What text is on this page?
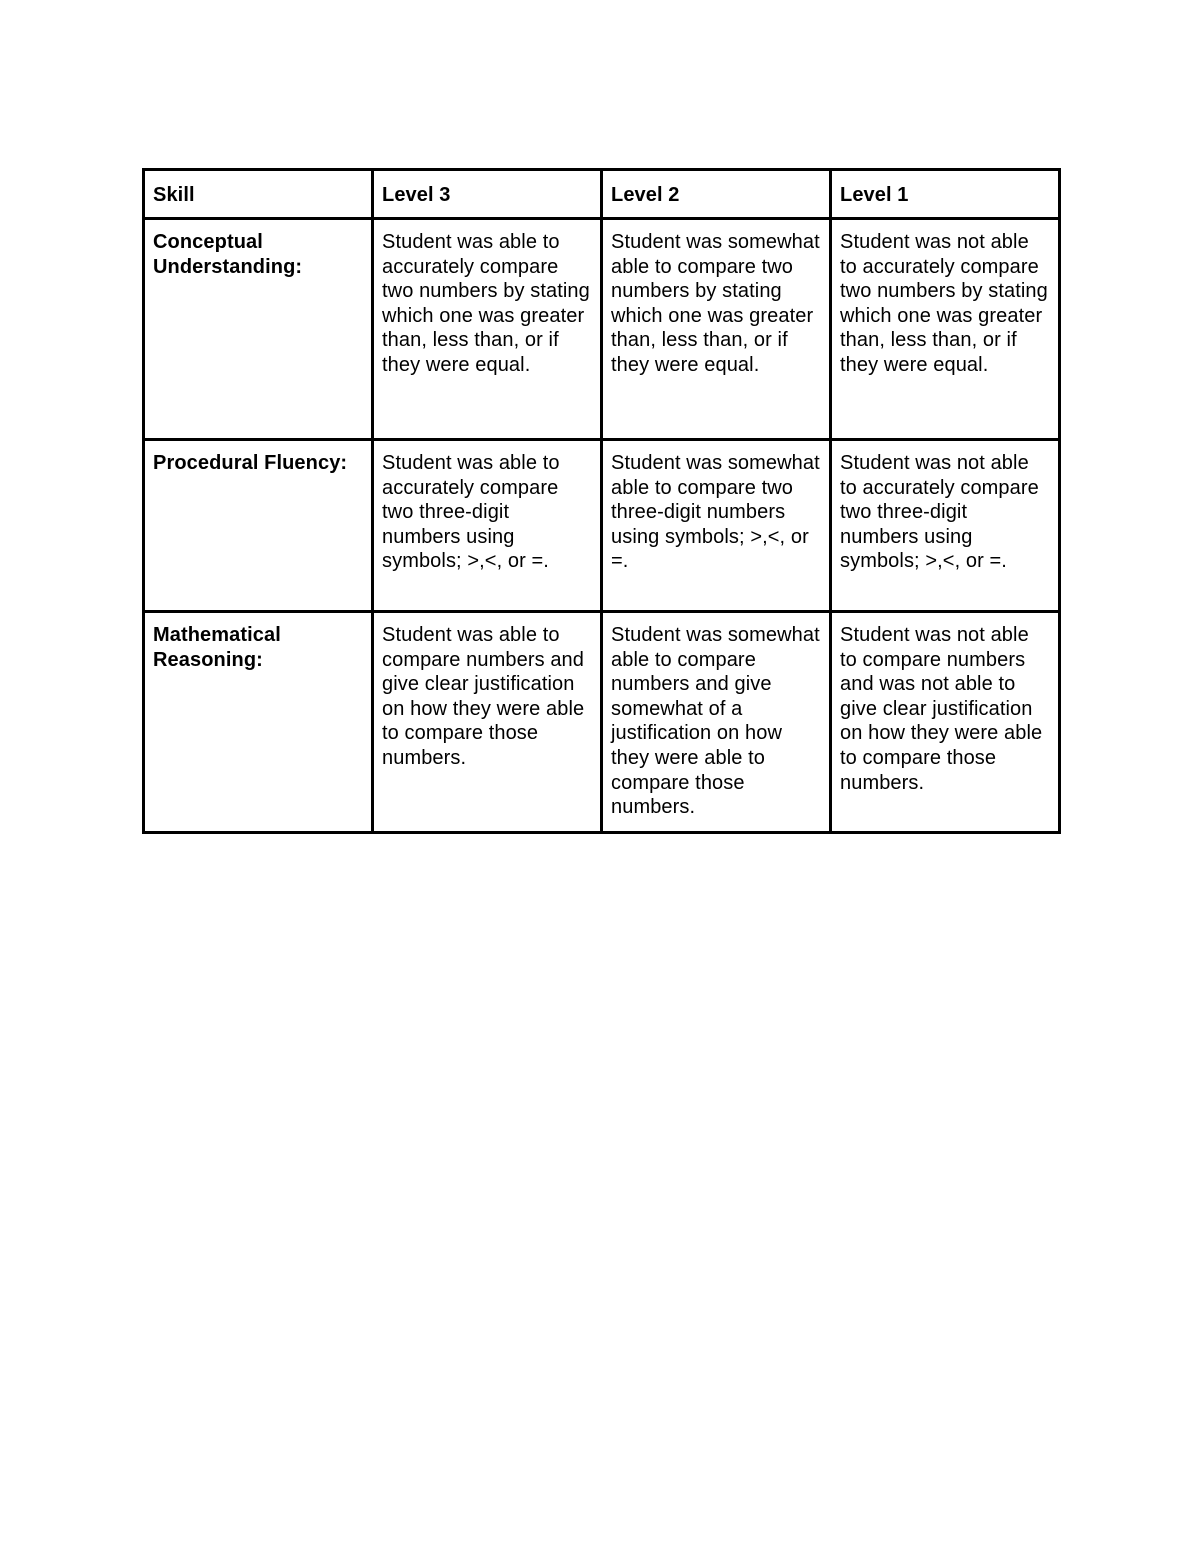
Skill	Level 3	Level 2	Level 1
Conceptual Understanding:	Student was able to accurately compare two numbers by stating which one was greater than, less than, or if they were equal.	Student was somewhat able to compare two numbers by stating which one was greater than, less than, or if they were equal.	Student was not able to accurately compare two numbers by stating which one was greater than, less than, or if they were equal.
Procedural Fluency:	Student was able to accurately compare two three-digit numbers using symbols; >,<, or =.	Student was somewhat able to compare two three-digit numbers using symbols; >,<, or =.	Student was not able to accurately compare two three-digit numbers using symbols; >,<, or =.
Mathematical Reasoning:	Student was able to compare numbers and give clear justification on how they were able to compare those numbers.	Student was somewhat able to compare numbers and give somewhat of a justification on how they were able to compare those numbers.	Student was not able to compare numbers and was not able to give clear justification on how they were able to compare those numbers.
